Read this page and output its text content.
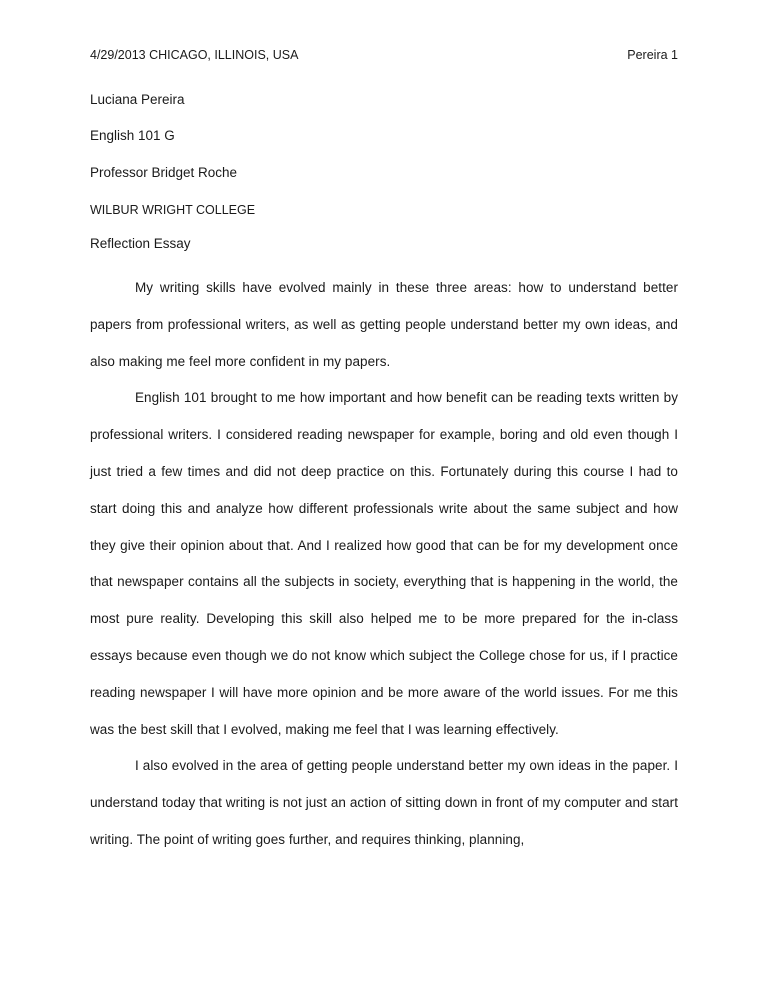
4/29/2013 CHICAGO, ILLINOIS, USA	Pereira 1
Luciana Pereira
English 101 G
Professor Bridget Roche
WILBUR WRIGHT COLLEGE
Reflection Essay

My writing skills have evolved mainly in these three areas: how to understand better papers from professional writers, as well as getting people understand better my own ideas, and also making me feel more confident in my papers.

English 101 brought to me how important and how benefit can be reading texts written by professional writers. I considered reading newspaper for example, boring and old even though I just tried a few times and did not deep practice on this. Fortunately during this course I had to start doing this and analyze how different professionals write about the same subject and how they give their opinion about that. And I realized how good that can be for my development once that newspaper contains all the subjects in society, everything that is happening in the world, the most pure reality. Developing this skill also helped me to be more prepared for the in-class essays because even though we do not know which subject the College chose for us, if I practice reading newspaper I will have more opinion and be more aware of the world issues. For me this was the best skill that I evolved, making me feel that I was learning effectively.

I also evolved in the area of getting people understand better my own ideas in the paper. I understand today that writing is not just an action of sitting down in front of my computer and start writing. The point of writing goes further, and requires thinking, planning,
